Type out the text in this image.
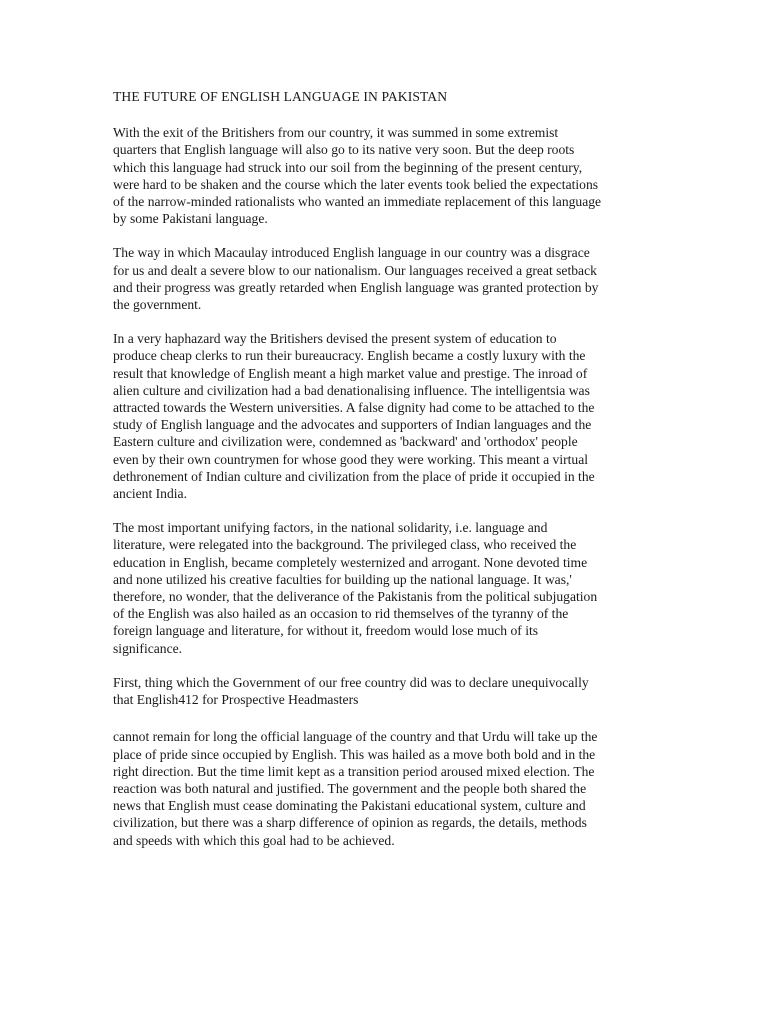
THE FUTURE OF ENGLISH LANGUAGE IN PAKISTAN
With the exit of the Britishers from our country, it was summed in some extremist
quarters that English language will also go to its native very soon. But the deep roots
which this language had struck into our soil from the beginning of the present century,
were hard to be shaken and the course which the later events took belied the expectations
of the narrow-minded rationalists who wanted an immediate replacement of this language
by some Pakistani language.
The way in which Macaulay introduced English language in our country was a disgrace
for us and dealt a severe blow to our nationalism. Our languages received a great setback
and their progress was greatly retarded when English language was granted protection by
the government.
In a very haphazard way the Britishers devised the present system of education to
produce cheap clerks to run their bureaucracy. English became a costly luxury with the
result that knowledge of English meant a high market value and prestige. The inroad of
alien culture and civilization had a bad denationalising influence. The intelligentsia was
attracted towards the Western universities. A false dignity had come to be attached to the
study of English language and the advocates and supporters of Indian languages and the
Eastern culture and civilization were, condemned as 'backward' and 'orthodox' people
even by their own countrymen for whose good they were working. This meant a virtual
dethronement of Indian culture and civilization from the place of pride it occupied in the
ancient India.
The most important unifying factors, in the national solidarity, i.e. language and
literature, were relegated into the background. The privileged class, who received the
education in English, became completely westernized and arrogant. None devoted time
and none utilized his creative faculties for building up the national language. It was,'
therefore, no wonder, that the deliverance of the Pakistanis from the political subjugation
of the English was also hailed as an occasion to rid themselves of the tyranny of the
foreign language and literature, for without it, freedom would lose much of its
significance.
First, thing which the Government of our free country did was to declare unequivocally
that English412 for Prospective Headmasters
cannot remain for long the official language of the country and that Urdu will take up the
place of pride since occupied by English. This was hailed as a move both bold and in the
right direction. But the time limit kept as a transition period aroused mixed election. The
reaction was both natural and justified. The government and the people both shared the
news that English must cease dominating the Pakistani educational system, culture and
civilization, but there was a sharp difference of opinion as regards, the details, methods
and speeds with which this goal had to be achieved.
